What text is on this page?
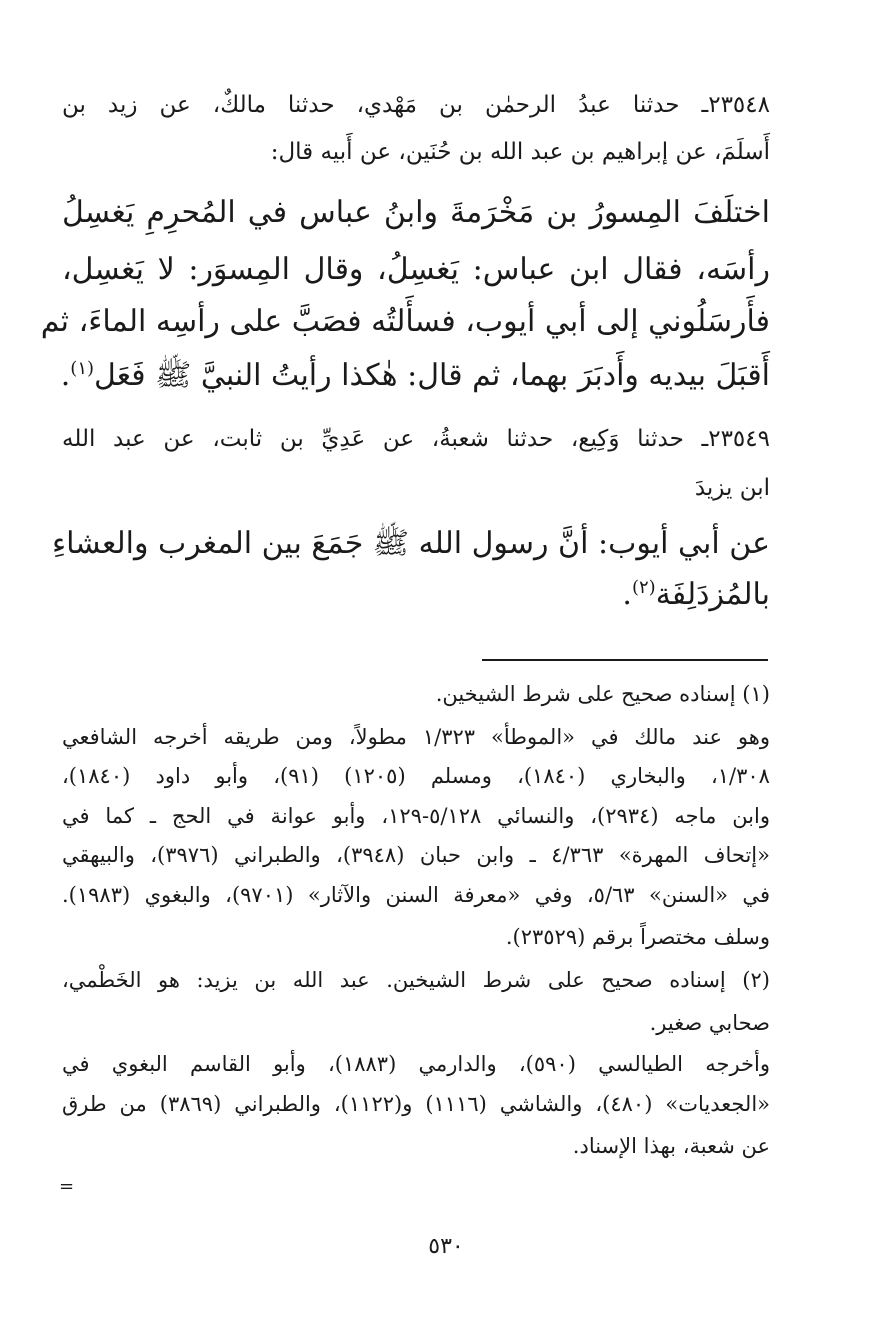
٢٣٥٤٨ـ حدثنا عبدُ الرحمٰن بن مَهْدي، حدثنا مالكٌ، عن زيد بن
أَسلَمَ، عن إبراهيم بن عبد الله بن حُنَين، عن أَبيه قال:
اختلَفَ المِسورُ بن مَخْرَمةَ وابنُ عباس في المُحرِمِ يَغسِلُ
رأسَه، فقال ابن عباس: يَغسِلُ، وقال المِسوَر: لا يَغسِل،
فأَرسَلُوني إلى أبي أيوب، فسأَلتُه فصَبَّ على رأسِه الماءَ، ثم
أَقبَلَ بيديه وأَدبَرَ بهما، ثم قال: هٰكذا رأيتُ النبيَّ ﷺ فَعَل$^{(١)}$.
٢٣٥٤٩ـ حدثنا وَكِيع، حدثنا شعبةُ، عن عَدِيِّ بن ثابت، عن عبد الله
ابن يزيدَ
عن أبي أيوب: أنَّ رسول الله ﷺ جَمَعَ بين المغرب والعشاءِ
بالمُزدَلِفَة$^{(٢)}$.
(١) إسناده صحيح على شرط الشيخين.
وهو عند مالك في «الموطأ» ١/٣٢٣ مطولاً، ومن طريقه أخرجه الشافعي
١/٣٠٨، والبخاري (١٨٤٠)، ومسلم (١٢٠٥) (٩١)، وأبو داود (١٨٤٠)،
وابن ماجه (٢٩٣٤)، والنسائي ٥/١٢٨-١٢٩، وأبو عوانة في الحج ـ كما في
«إتحاف المهرة» ٤/٣٦٣ ـ وابن حبان (٣٩٤٨)، والطبراني (٣٩٧٦)، والبيهقي
في «السنن» ٥/٦٣، وفي «معرفة السنن والآثار» (٩٧٠١)، والبغوي (١٩٨٣).
وسلف مختصراً برقم (٢٣٥٢٩).
(٢) إسناده صحيح على شرط الشيخين. عبد الله بن يزيد: هو الخَطْمي،
صحابي صغير.
وأخرجه الطيالسي (٥٩٠)، والدارمي (١٨٨٣)، وأبو القاسم البغوي في
«الجعديات» (٤٨٠)، والشاشي (١١١٦) و(١١٢٢)، والطبراني (٣٨٦٩) من طرق
عن شعبة، بهذا الإسناد.
=
٥٣٠
